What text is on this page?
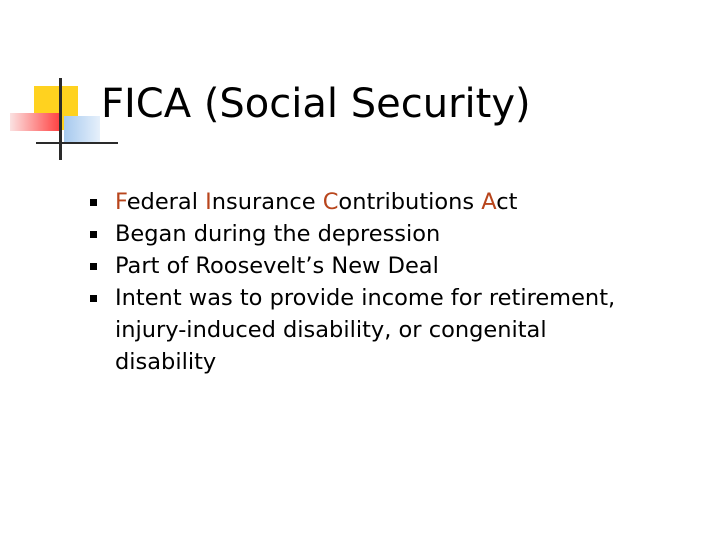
FICA (Social Security)
Federal Insurance Contributions Act
Began during the depression
Part of Roosevelt’s New Deal
Intent was to provide income for retirement, injury-induced disability, or congenital disability
